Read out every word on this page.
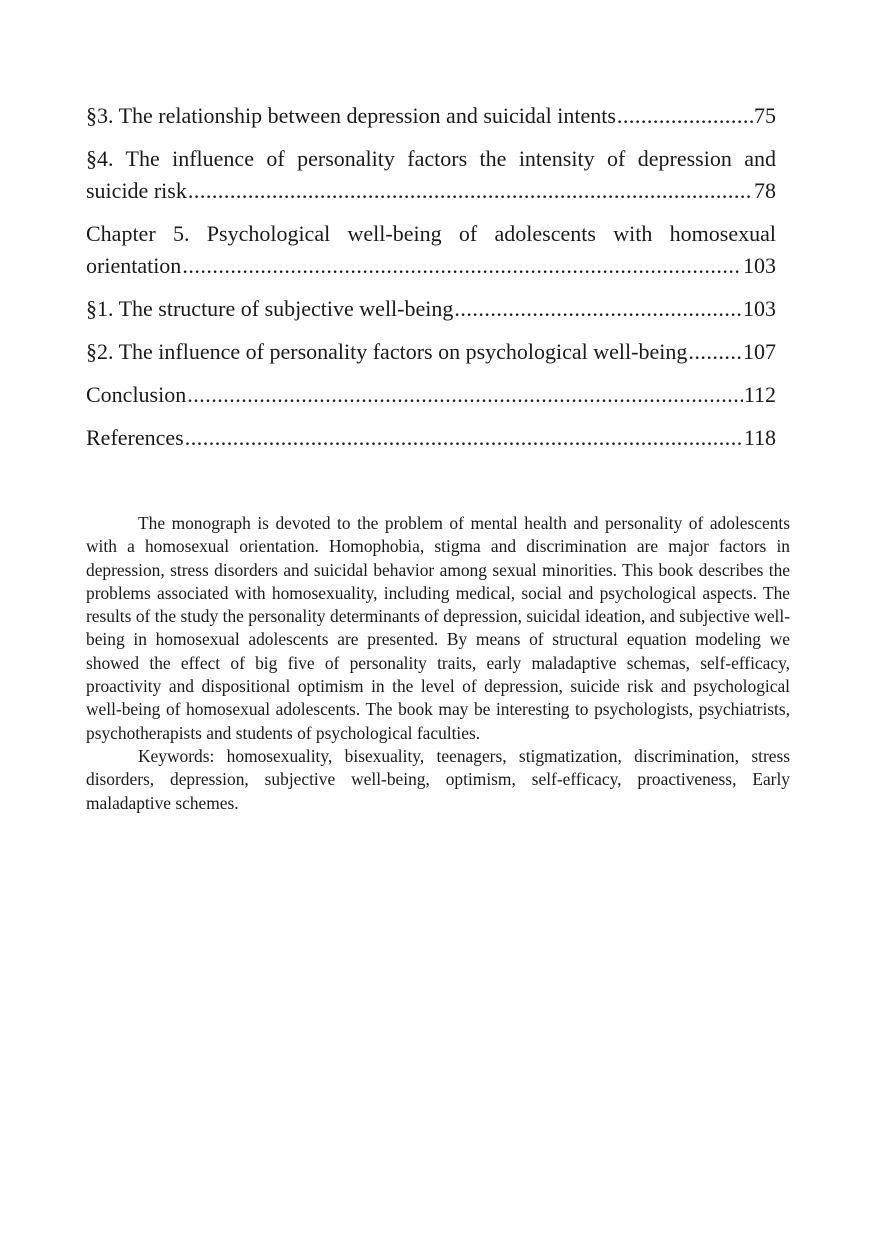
§3. The relationship between depression and suicidal intents .....	75
§4. The influence of personality factors the intensity of depression and
suicide risk .....	78
Chapter 5. Psychological well-being of adolescents with homosexual
orientation .....	103
§1. The structure of subjective well-being .....	103
§2. The influence of personality factors on psychological well-being .....	107
Conclusion .....	112
References .....	118

The monograph is devoted to the problem of mental health and personality of adolescents with a homosexual orientation. Homophobia, stigma and discrimination are major factors in depression, stress disorders and suicidal behavior among sexual minorities. This book describes the problems associated with homosexuality, including medical, social and psychological aspects. The results of the study the personality determinants of depression, suicidal ideation, and subjective well-being in homosexual adolescents are presented. By means of structural equation modeling we showed the effect of big five of personality traits, early maladaptive schemas, self-efficacy, proactivity and dispositional optimism in the level of depression, suicide risk and psychological well-being of homosexual adolescents. The book may be interesting to psychologists, psychiatrists, psychotherapists and students of psychological faculties.

Keywords: homosexuality, bisexuality, teenagers, stigmatization, discrimination, stress disorders, depression, subjective well-being, optimism, self-efficacy, proactiveness, Early maladaptive schemes.
